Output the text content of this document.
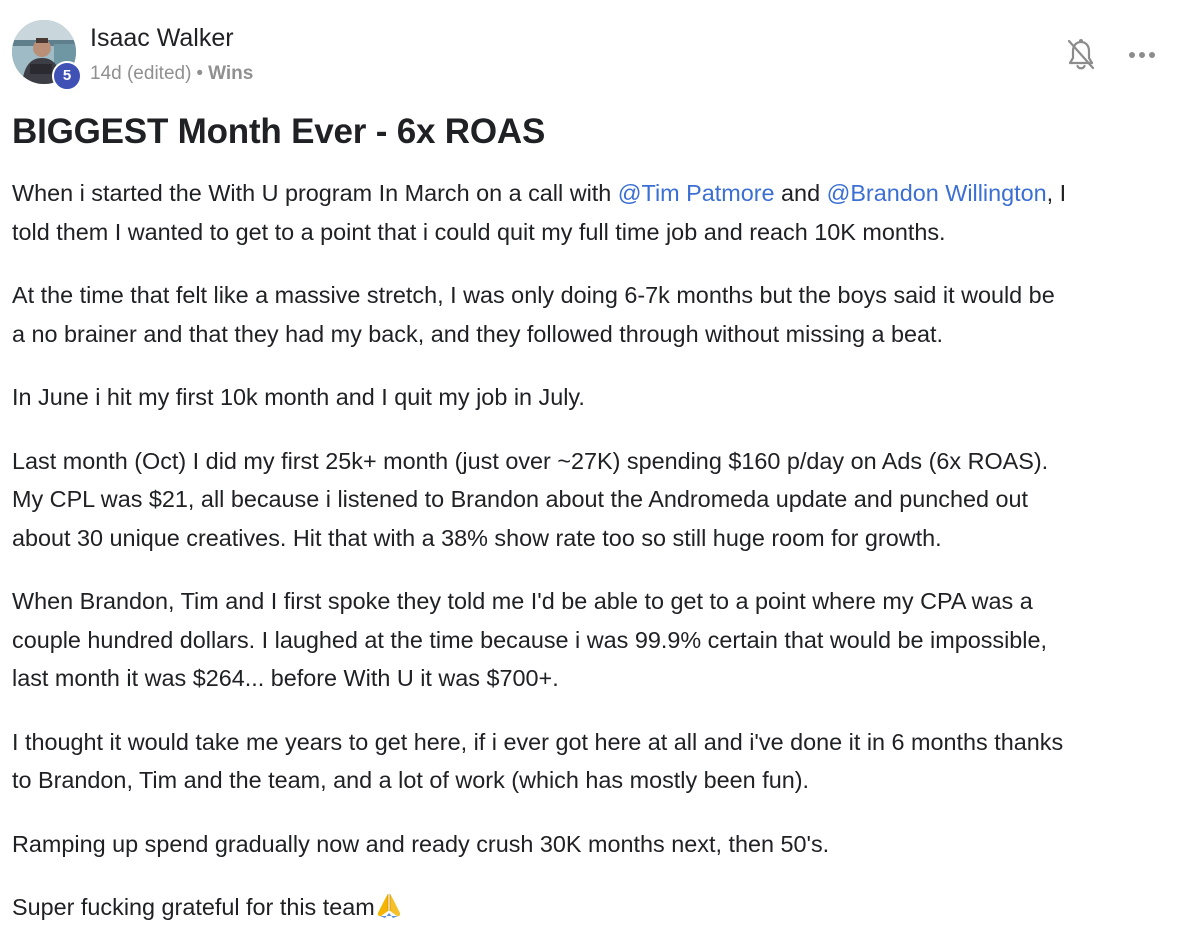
5
Isaac Walker
14d (edited) • Wins
BIGGEST Month Ever - 6x ROAS

When i started the With U program In March on a call with @Tim Patmore and @Brandon Willington, I
told them I wanted to get to a point that i could quit my full time job and reach 10K months.

At the time that felt like a massive stretch, I was only doing 6-7k months but the boys said it would be
a no brainer and that they had my back, and they followed through without missing a beat.

In June i hit my first 10k month and I quit my job in July.

Last month (Oct) I did my first 25k+ month (just over ~27K) spending $160 p/day on Ads (6x ROAS).
My CPL was $21, all because i listened to Brandon about the Andromeda update and punched out
about 30 unique creatives. Hit that with a 38% show rate too so still huge room for growth.

When Brandon, Tim and I first spoke they told me I'd be able to get to a point where my CPA was a
couple hundred dollars. I laughed at the time because i was 99.9% certain that would be impossible,
last month it was $264... before With U it was $700+.

I thought it would take me years to get here, if i ever got here at all and i've done it in 6 months thanks
to Brandon, Tim and the team, and a lot of work (which has mostly been fun).

Ramping up spend gradually now and ready crush 30K months next, then 50's.

Super fucking grateful for this team
